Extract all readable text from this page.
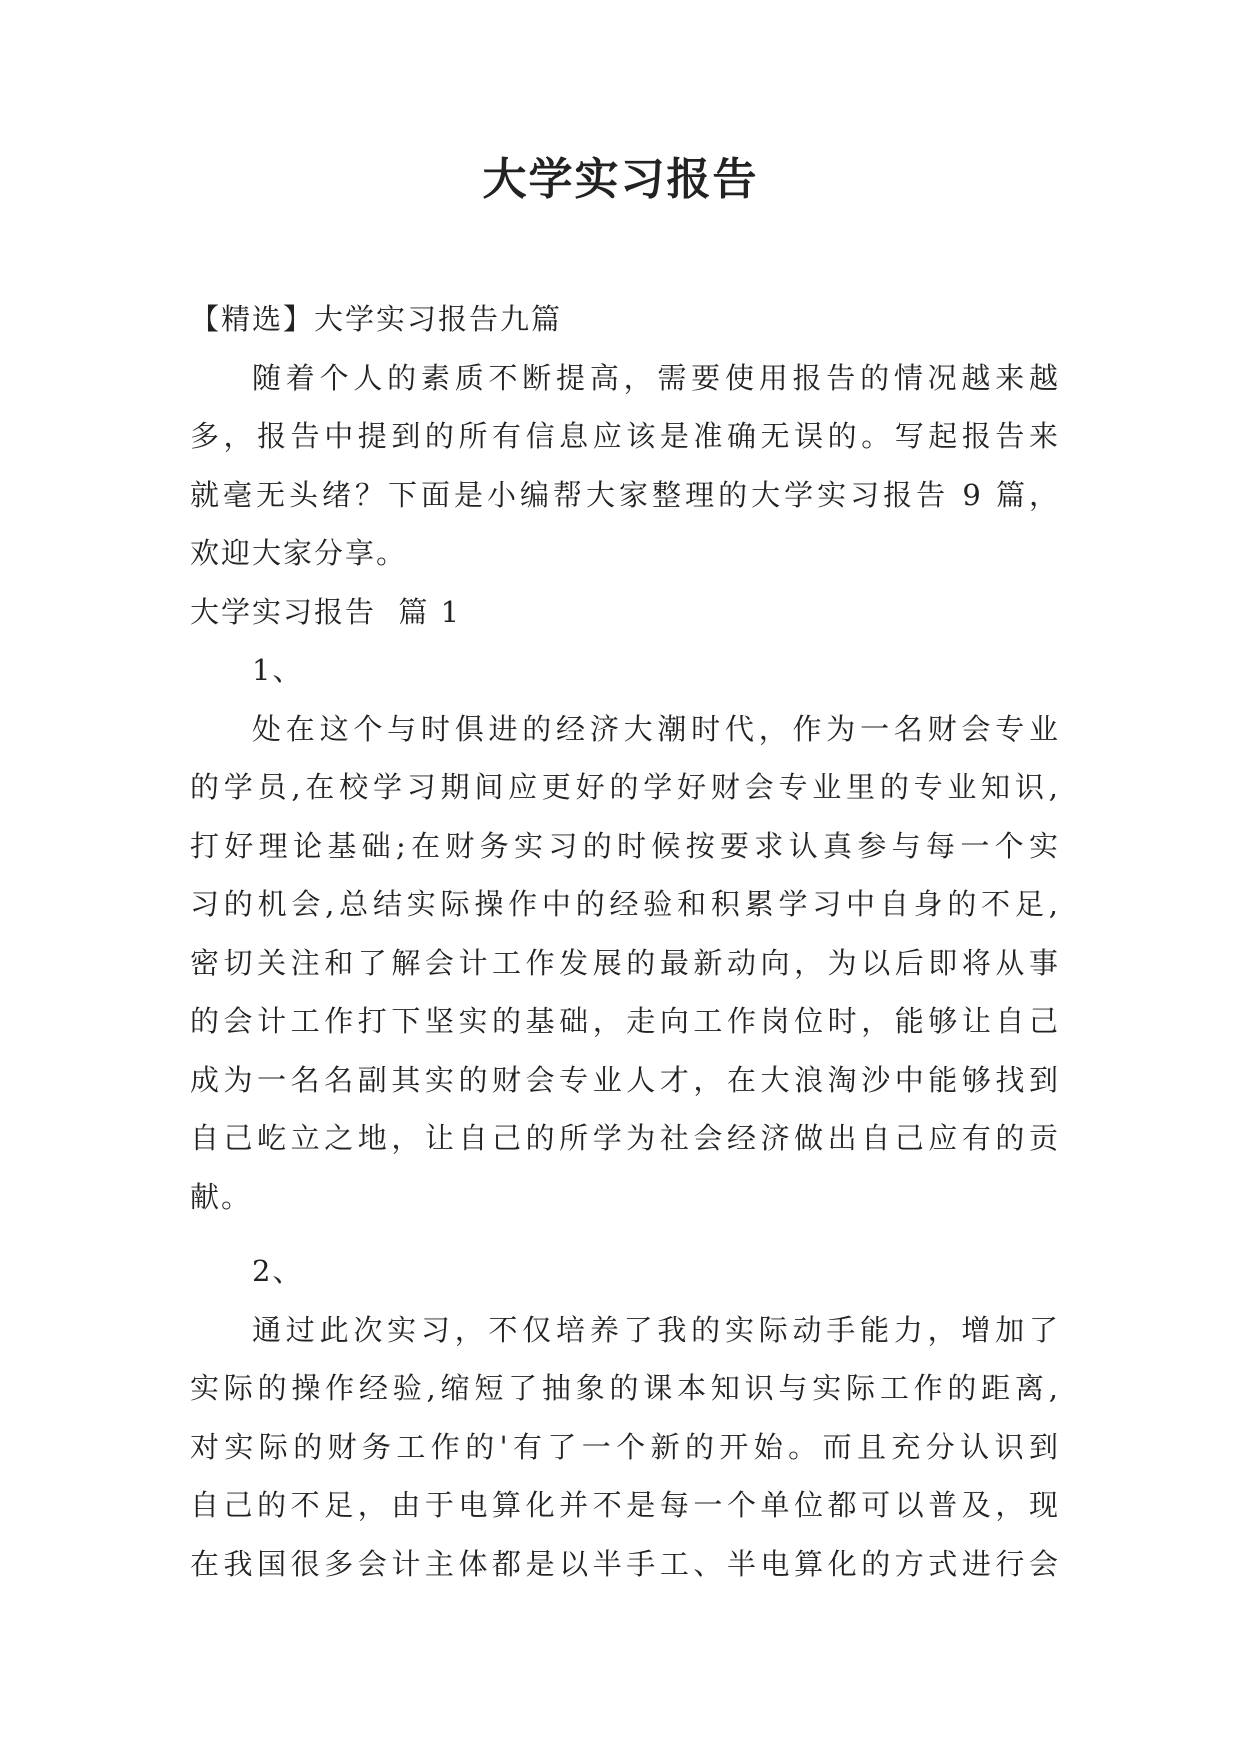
大学实习报告
【精选】大学实习报告九篇
随着个人的素质不断提高，需要使用报告的情况越来越
多，报告中提到的所有信息应该是准确无误的。写起报告来
就毫无头绪？下面是小编帮大家整理的大学实习报告 9 篇，
欢迎大家分享。
大学实习报告  篇 1
1、
处在这个与时俱进的经济大潮时代，作为一名财会专业
的学员,在校学习期间应更好的学好财会专业里的专业知识,
打好理论基础;在财务实习的时候按要求认真参与每一个实
习的机会,总结实际操作中的经验和积累学习中自身的不足,
密切关注和了解会计工作发展的最新动向，为以后即将从事
的会计工作打下坚实的基础，走向工作岗位时，能够让自己
成为一名名副其实的财会专业人才，在大浪淘沙中能够找到
自己屹立之地，让自己的所学为社会经济做出自己应有的贡
献。
2、
通过此次实习，不仅培养了我的实际动手能力，增加了
实际的操作经验,缩短了抽象的课本知识与实际工作的距离,
对实际的财务工作的'有了一个新的开始。而且充分认识到
自己的不足，由于电算化并不是每一个单位都可以普及，现
在我国很多会计主体都是以半手工、半电算化的方式进行会
